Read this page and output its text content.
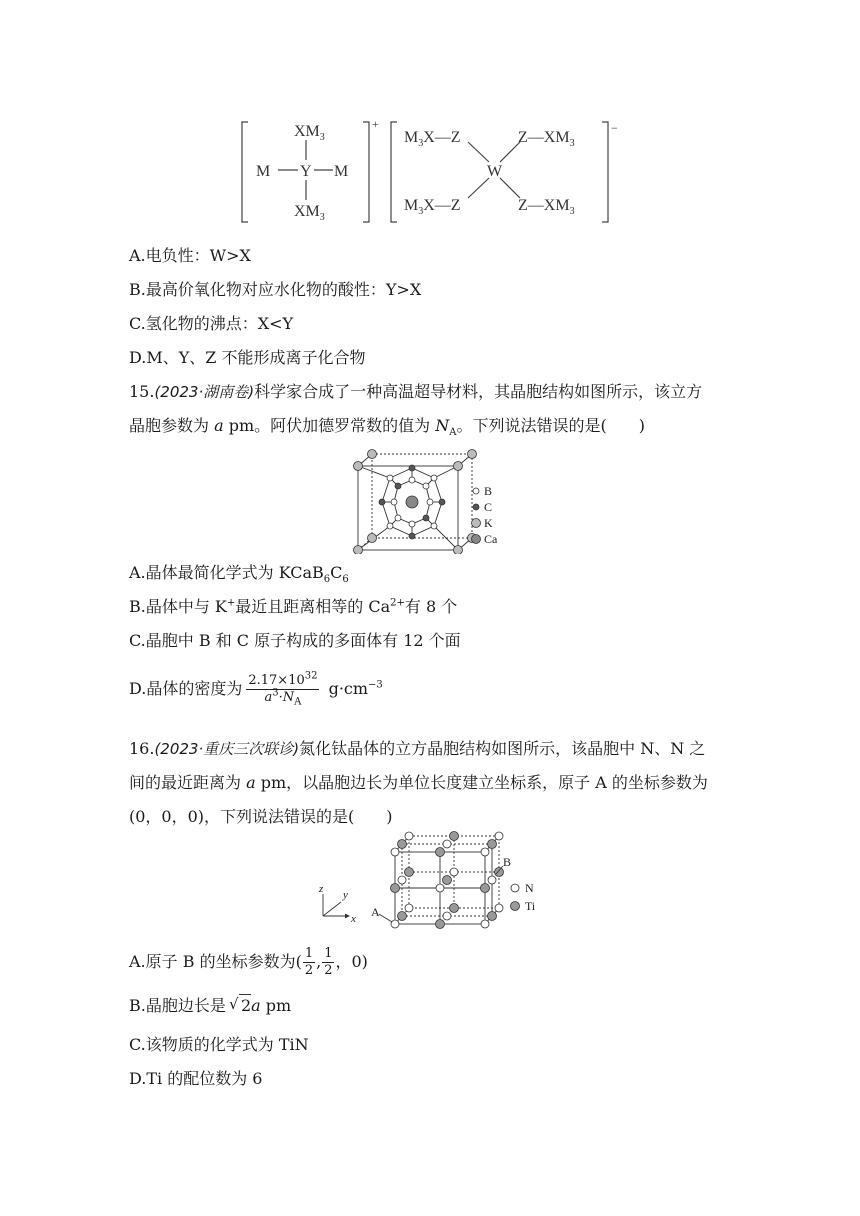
$XM_3$
M Y M
$XM_3$
+
$M_3X—Z$	$Z—XM_3$
W
$M_3X—Z$	$Z—XM_3$
−
A.电负性：W>X
B.最高价氧化物对应水化物的酸性：Y>X
C.氢化物的沸点：X<Y
D.M、Y、Z 不能形成离子化合物
15.(2023·湖南卷)科学家合成了一种高温超导材料，其晶胞结构如图所示，该立方
晶胞参数为 a pm。阿伏加德罗常数的值为 $N_A$。下列说法错误的是(　　)
B
C
K
Ca
A.晶体最简化学式为 $KCaB_6C_6$
B.晶体中与 K+最近且距离相等的 $Ca^{2+}$有 8 个
C.晶胞中 B 和 C 原子构成的多面体有 12 个面
D.晶体的密度为 $\frac{2.17\times 10^{32}}{a^3\cdot N_A} g\cdot cm^{-3}$
16.(2023·重庆三次联诊)氮化钛晶体的立方晶胞结构如图所示，该晶胞中 N、N 之
间的最近距离为 a pm，以晶胞边长为单位长度建立坐标系，原子 A 的坐标参数为
(0，0，0)，下列说法错误的是(　　)
z y
x A
B
N
Ti
A.原子 B 的坐标参数为( $\frac{1}{2}$ , $\frac{1}{2}$ ，0)
B.晶胞边长是 √ 2a pm
C.该物质的化学式为 TiN
D.Ti 的配位数为 6
